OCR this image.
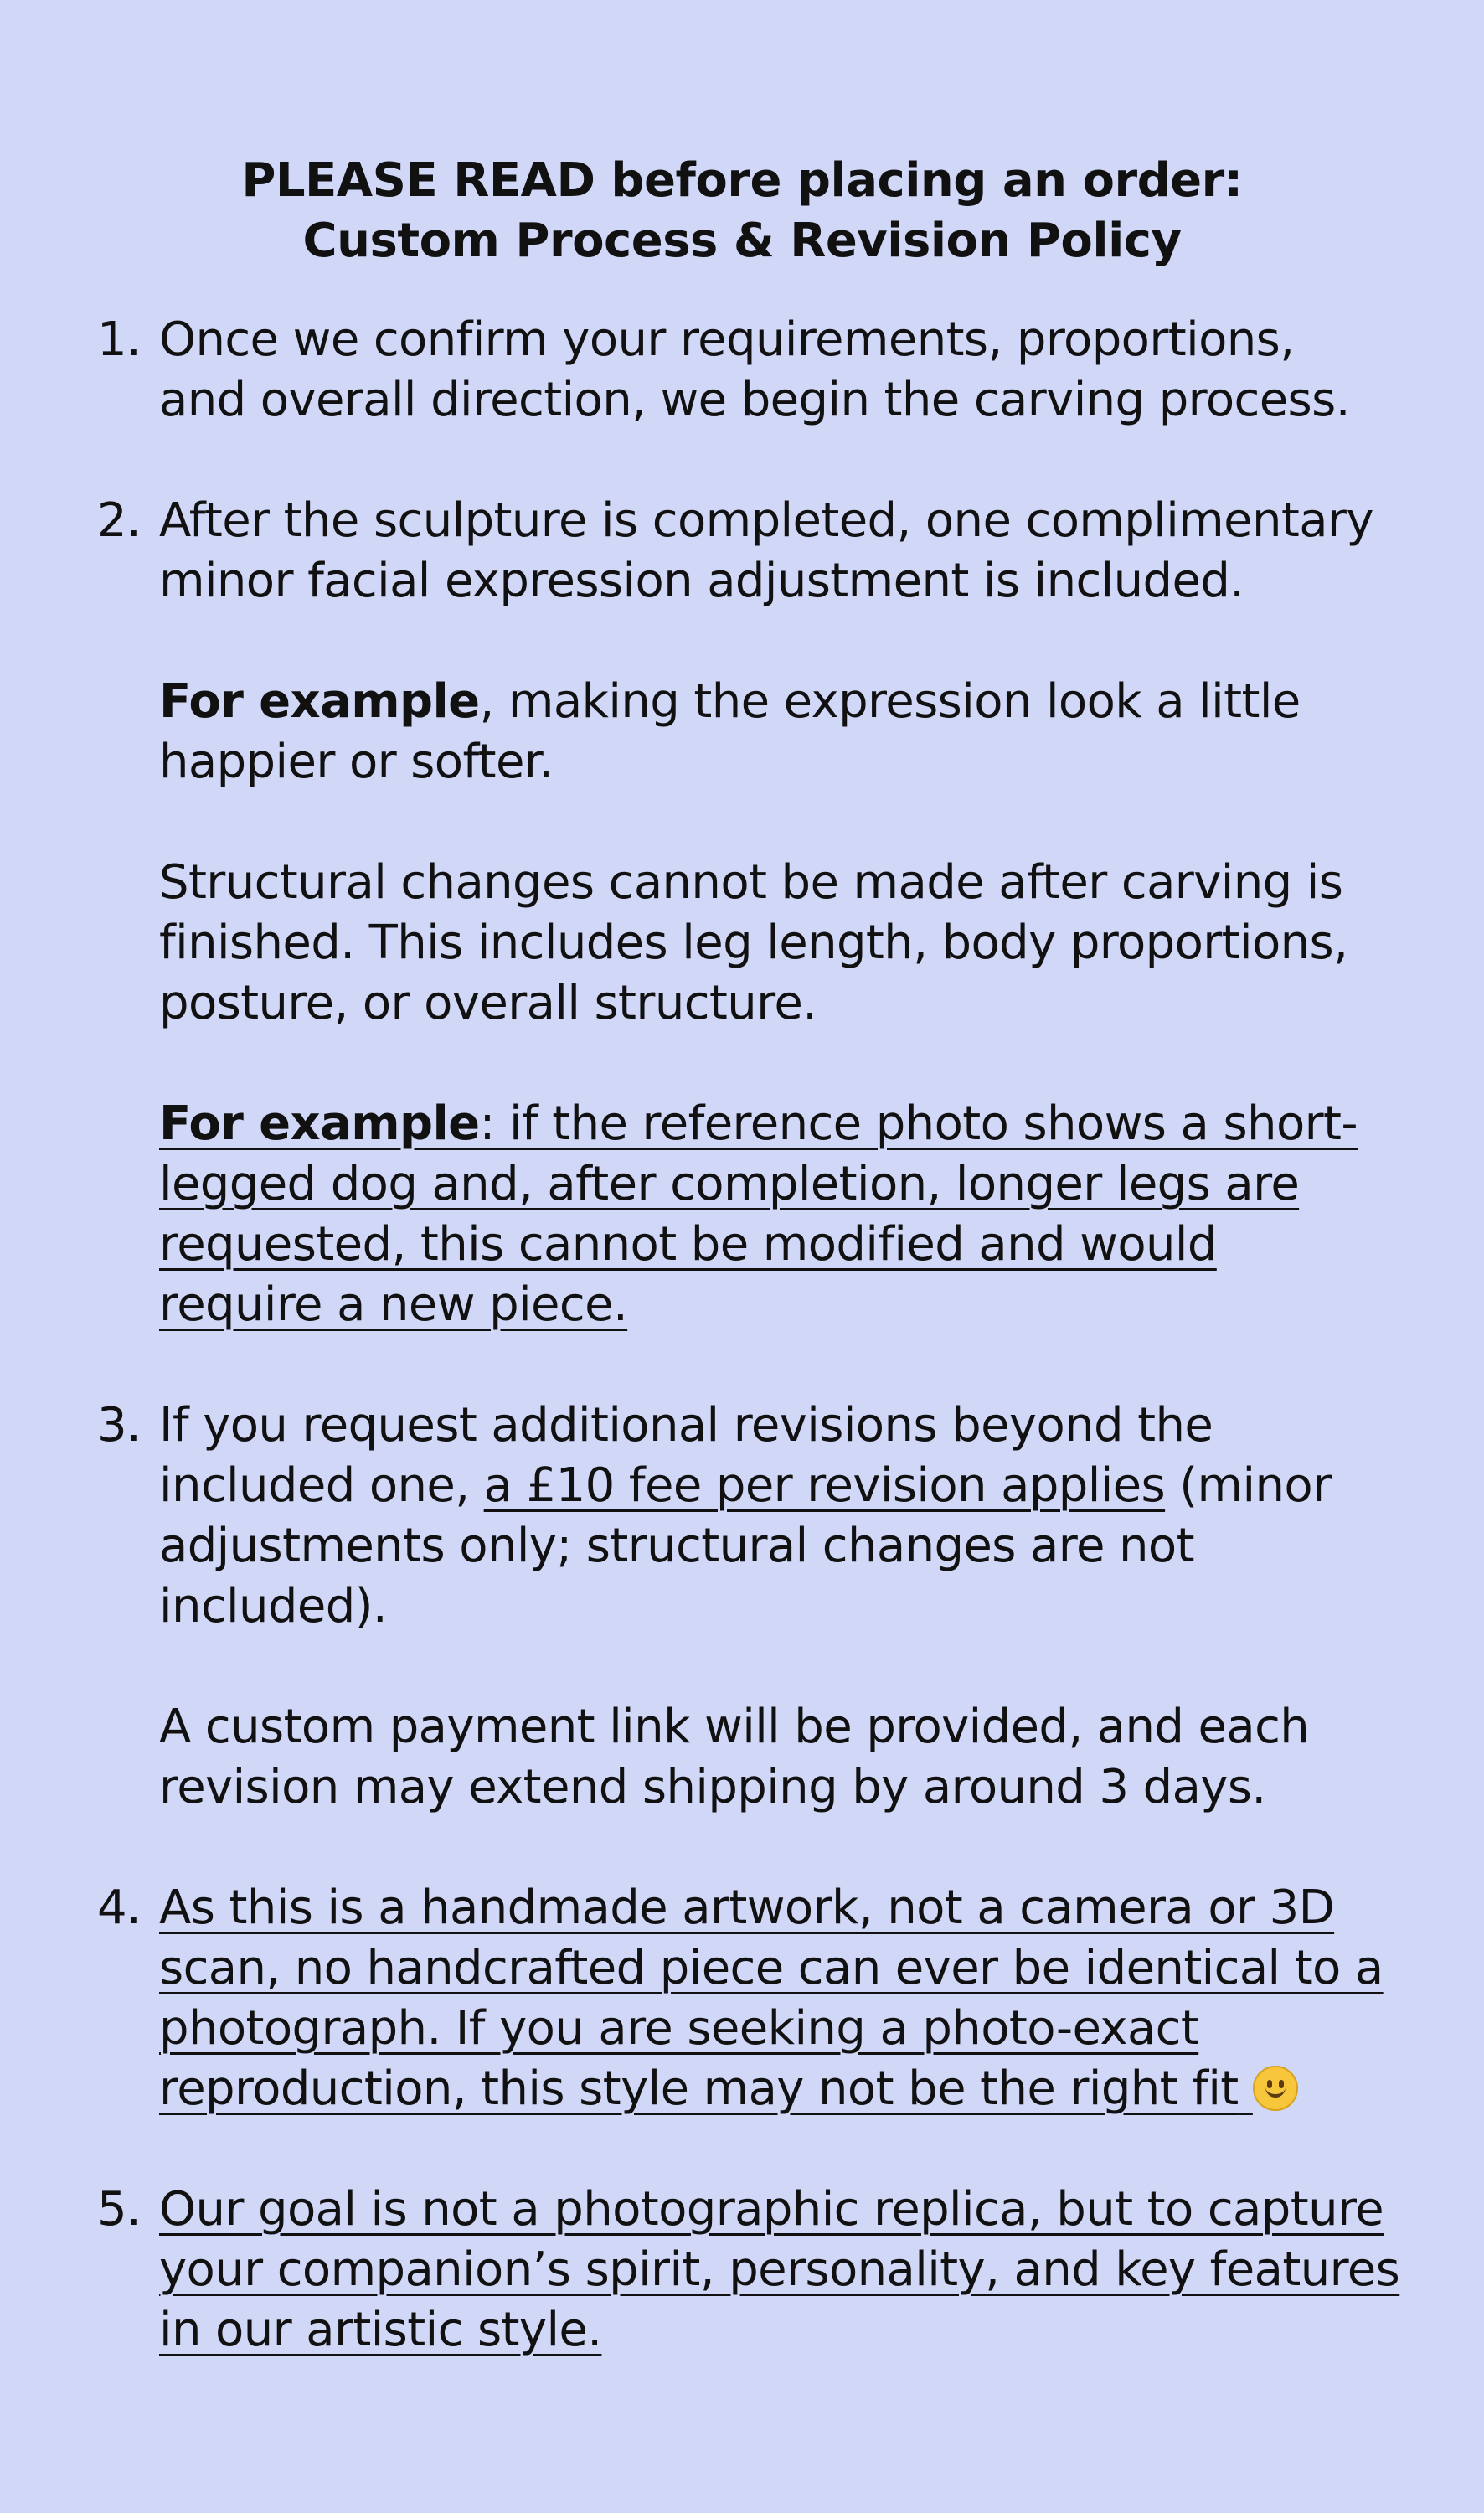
PLEASE READ before placing an order:
Custom Process & Revision Policy
1. Once we confirm your requirements, proportions,
and overall direction, we begin the carving process.
2. After the sculpture is completed, one complimentary
minor facial expression adjustment is included.
For example, making the expression look a little
happier or softer.
Structural changes cannot be made after carving is
finished. This includes leg length, body proportions,
posture, or overall structure.
For example: if the reference photo shows a short-
legged dog and, after completion, longer legs are
requested, this cannot be modified and would
require a new piece.
3. If you request additional revisions beyond the
included one, a £10 fee per revision applies (minor
adjustments only; structural changes are not
included).
A custom payment link will be provided, and each
revision may extend shipping by around 3 days.
4. As this is a handmade artwork, not a camera or 3D
scan, no handcrafted piece can ever be identical to a
photograph. If you are seeking a photo-exact
reproduction, this style may not be the right fit
5. Our goal is not a photographic replica, but to capture
your companion’s spirit, personality, and key features
in our artistic style.
